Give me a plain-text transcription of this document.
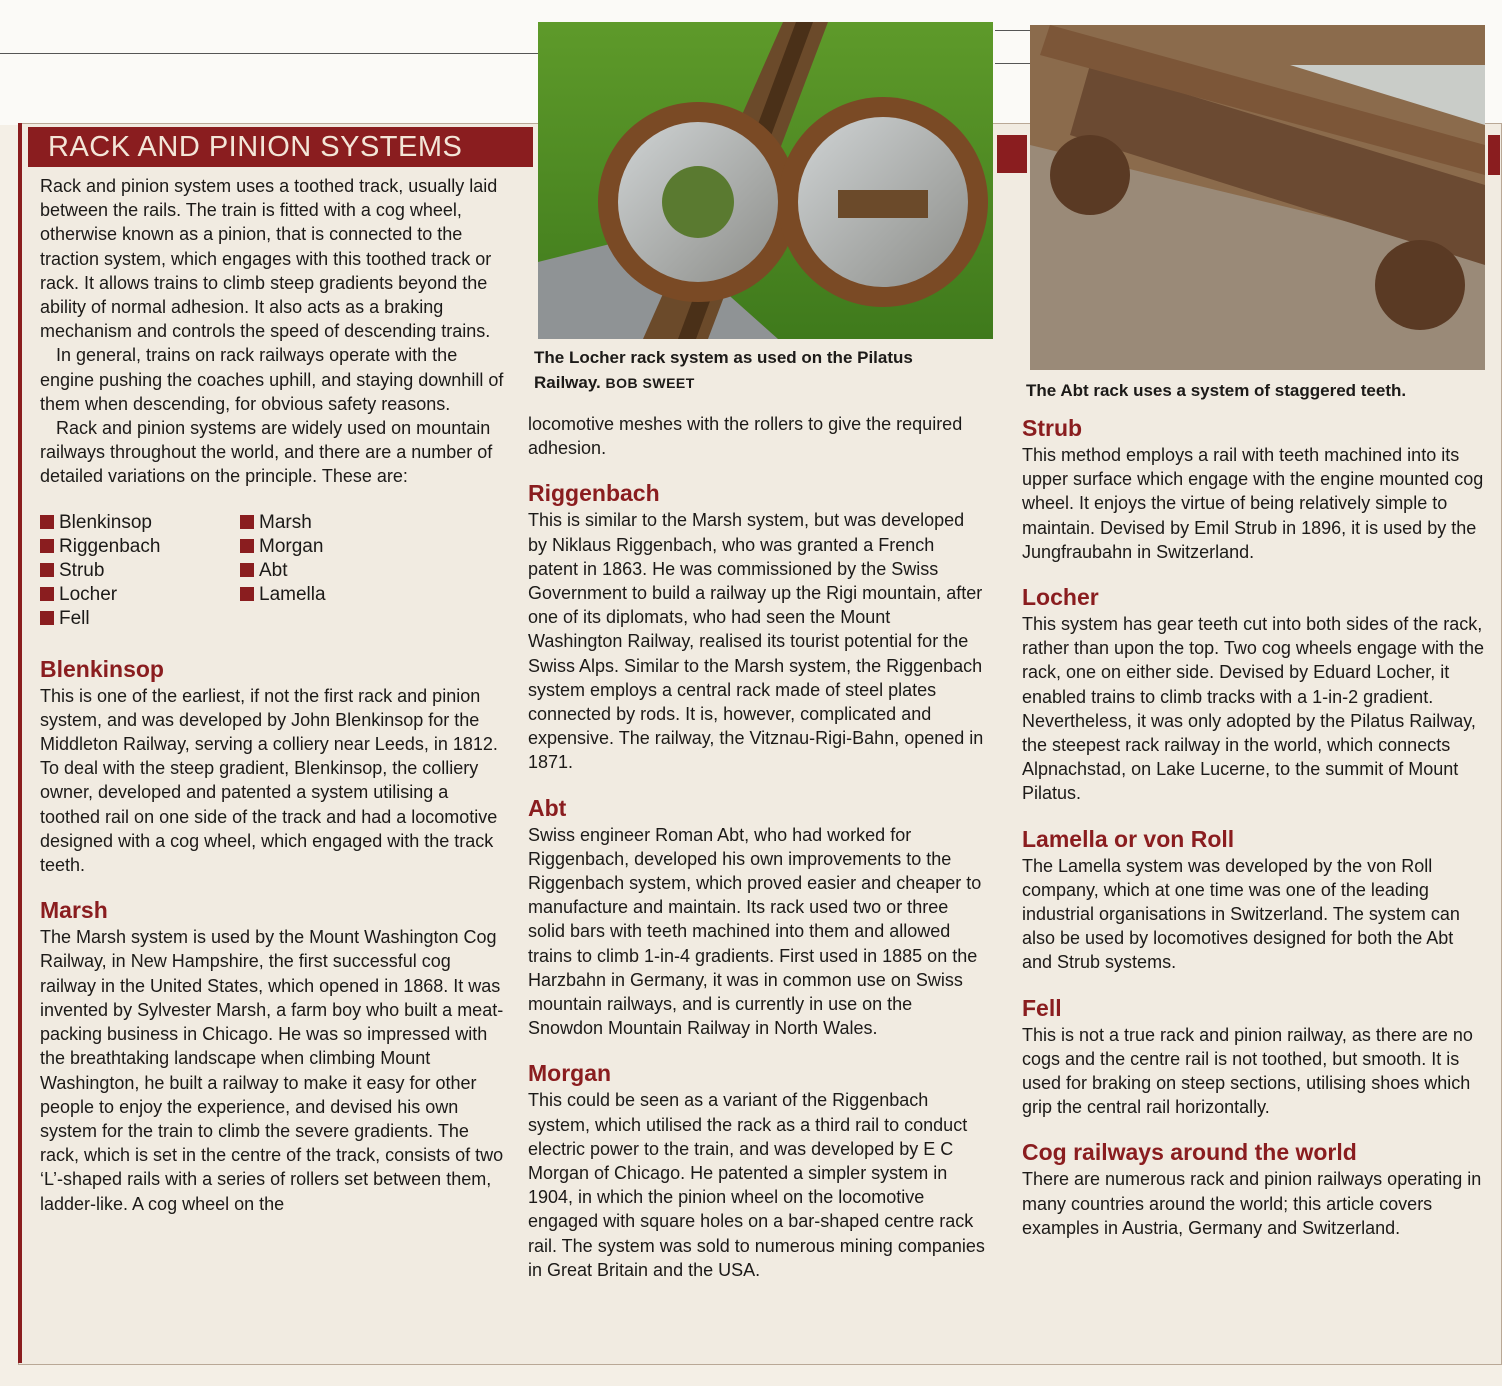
RACK AND PINION SYSTEMS
The Locher rack system as used on the Pilatus Railway. BOB SWEET	The Abt rack uses a system of staggered teeth.

Rack and pinion system uses a toothed track, usually laid between the rails. The train is fitted with a cog wheel, otherwise known as a pinion, that is connected to the traction system, which engages with this toothed track or rack. It allows trains to climb steep gradients beyond the ability of normal adhesion. It also acts as a braking mechanism and controls the speed of descending trains.

In general, trains on rack railways operate with the engine pushing the coaches uphill, and staying downhill of them when descending, for obvious safety reasons.

Rack and pinion systems are widely used on mountain railways throughout the world, and there are a number of detailed variations on the principle. These are:

Blenkinsop	Marsh
Riggenbach	Morgan
Strub	Abt
Locher	Lamella
Fell
Blenkinsop

This is one of the earliest, if not the first rack and pinion system, and was developed by John Blenkinsop for the Middleton Railway, serving a colliery near Leeds, in 1812. To deal with the steep gradient, Blenkinsop, the colliery owner, developed and patented a system utilising a toothed rail on one side of the track and had a locomotive designed with a cog wheel, which engaged with the track teeth.

Marsh

The Marsh system is used by the Mount Washington Cog Railway, in New Hampshire, the first successful cog railway in the United States, which opened in 1868. It was invented by Sylvester Marsh, a farm boy who built a meat-packing business in Chicago. He was so impressed with the breathtaking landscape when climbing Mount Washington, he built a railway to make it easy for other people to enjoy the experience, and devised his own system for the train to climb the severe gradients. The rack, which is set in the centre of the track, consists of two ‘L’-shaped rails with a series of rollers set between them, ladder-like. A cog wheel on the

locomotive meshes with the rollers to give the required adhesion.

Riggenbach

This is similar to the Marsh system, but was developed by Niklaus Riggenbach, who was granted a French patent in 1863. He was commissioned by the Swiss Government to build a railway up the Rigi mountain, after one of its diplomats, who had seen the Mount Washington Railway, realised its tourist potential for the Swiss Alps. Similar to the Marsh system, the Riggenbach system employs a central rack made of steel plates connected by rods. It is, however, complicated and expensive. The railway, the Vitznau-Rigi-Bahn, opened in 1871.

Abt

Swiss engineer Roman Abt, who had worked for Riggenbach, developed his own improvements to the Riggenbach system, which proved easier and cheaper to manufacture and maintain. Its rack used two or three solid bars with teeth machined into them and allowed trains to climb 1-in-4 gradients. First used in 1885 on the Harzbahn in Germany, it was in common use on Swiss mountain railways, and is currently in use on the Snowdon Mountain Railway in North Wales.

Morgan

This could be seen as a variant of the Riggenbach system, which utilised the rack as a third rail to conduct electric power to the train, and was developed by E C Morgan of Chicago. He patented a simpler system in 1904, in which the pinion wheel on the locomotive engaged with square holes on a bar-shaped centre rack rail. The system was sold to numerous mining companies in Great Britain and the USA.

Strub

This method employs a rail with teeth machined into its upper surface which engage with the engine mounted cog wheel. It enjoys the virtue of being relatively simple to maintain. Devised by Emil Strub in 1896, it is used by the Jungfraubahn in Switzerland.

Locher

This system has gear teeth cut into both sides of the rack, rather than upon the top. Two cog wheels engage with the rack, one on either side. Devised by Eduard Locher, it enabled trains to climb tracks with a 1-in-2 gradient. Nevertheless, it was only adopted by the Pilatus Railway, the steepest rack railway in the world, which connects Alpnachstad, on Lake Lucerne, to the summit of Mount Pilatus.

Lamella or von Roll

The Lamella system was developed by the von Roll company, which at one time was one of the leading industrial organisations in Switzerland. The system can also be used by locomotives designed for both the Abt and Strub systems.

Fell

This is not a true rack and pinion railway, as there are no cogs and the centre rail is not toothed, but smooth. It is used for braking on steep sections, utilising shoes which grip the central rail horizontally.

Cog railways around the world

There are numerous rack and pinion railways operating in many countries around the world; this article covers examples in Austria, Germany and Switzerland.
